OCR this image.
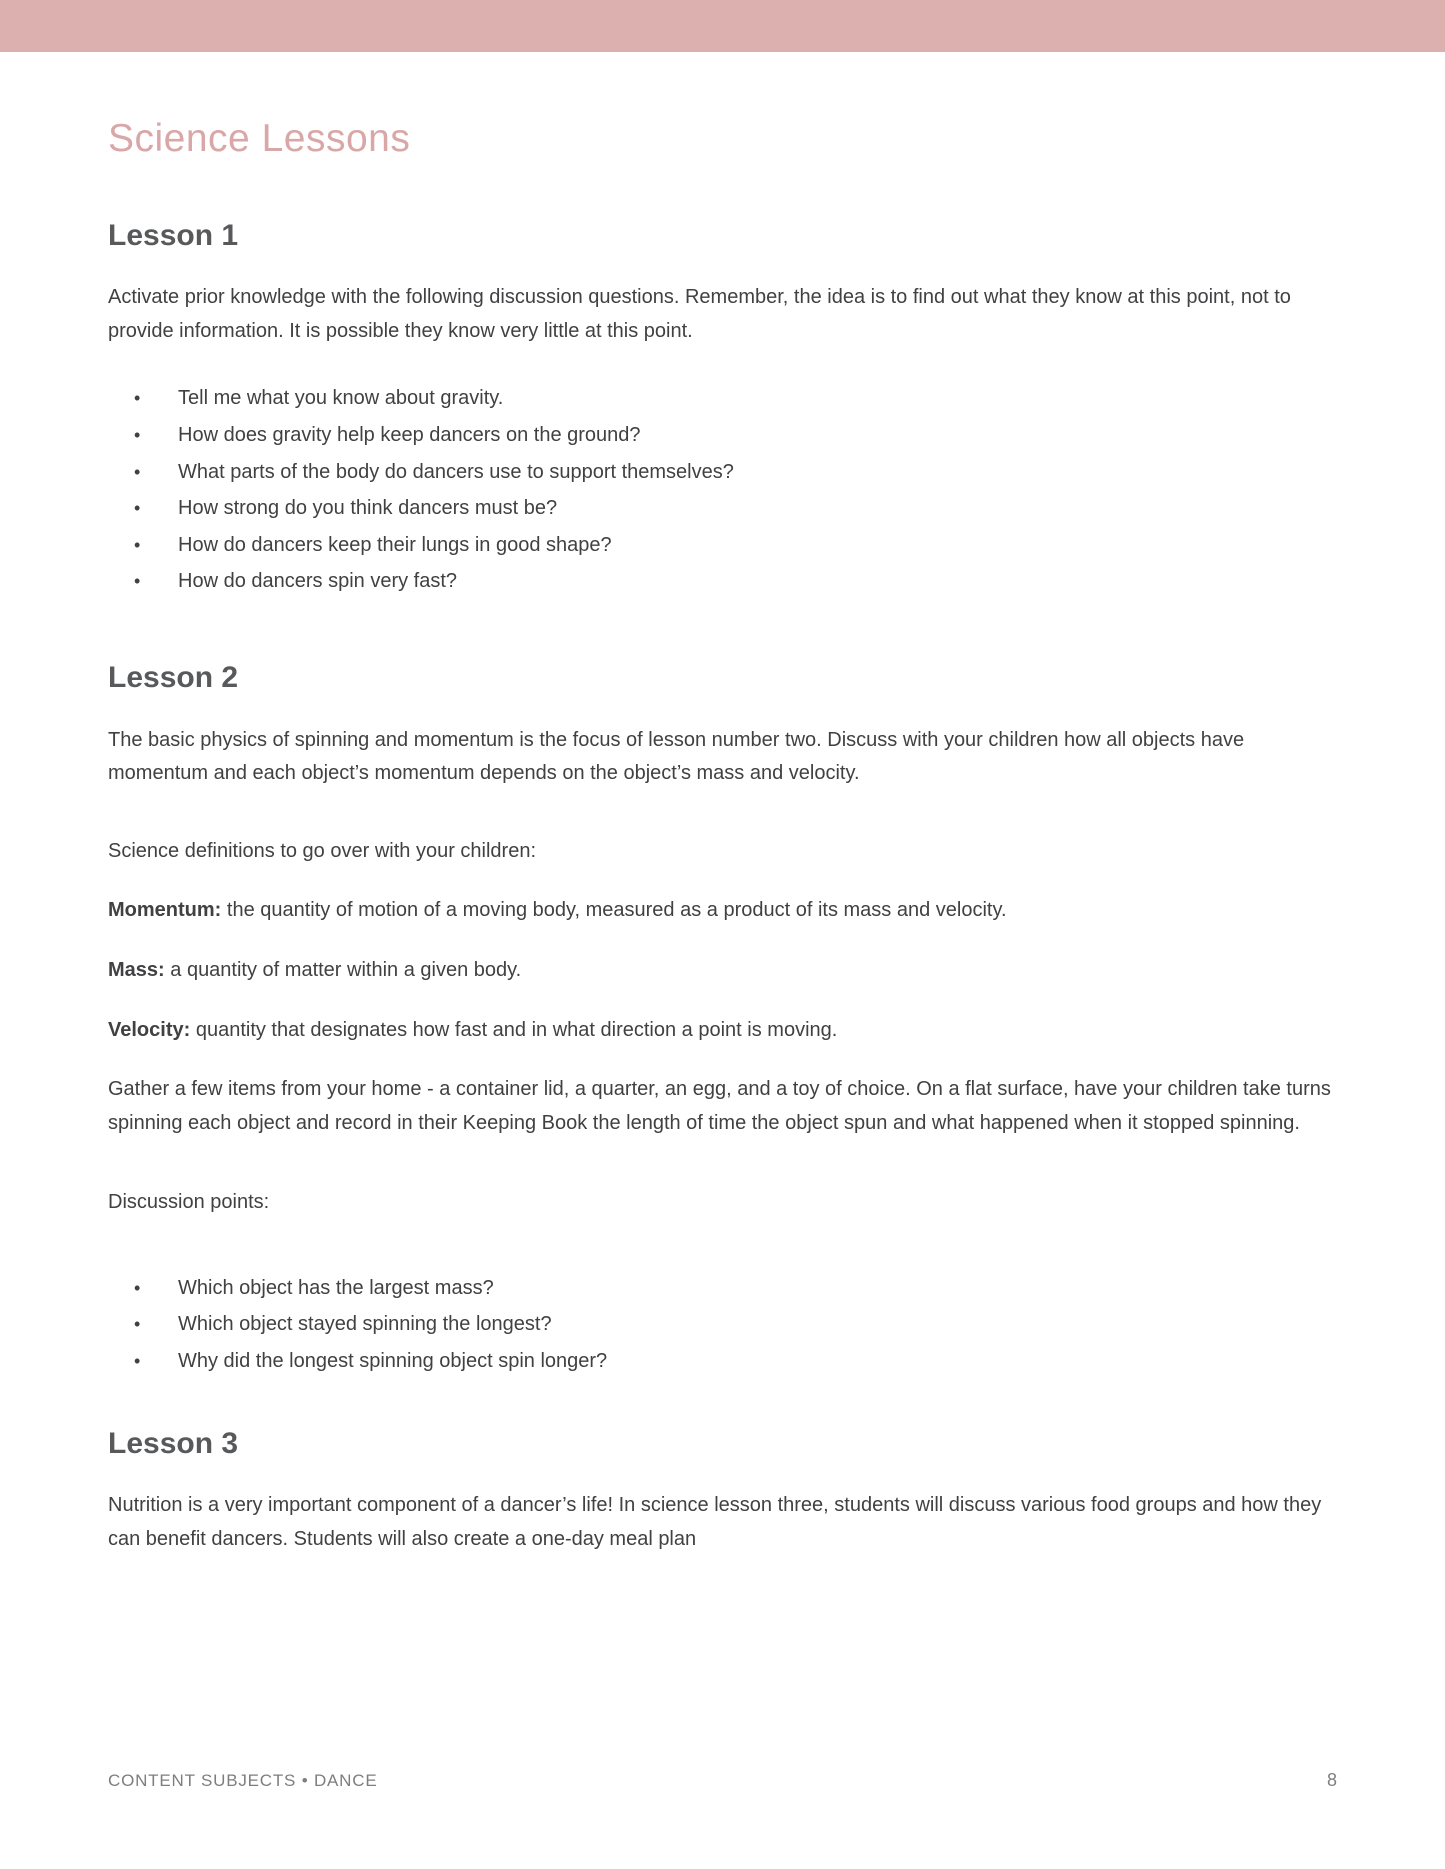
Science Lessons
Lesson 1

Activate prior knowledge with the following discussion questions. Remember, the idea is to find out what they know at this point, not to provide information. It is possible they know very little at this point.

• Tell me what you know about gravity.
• How does gravity help keep dancers on the ground?
• What parts of the body do dancers use to support themselves?
• How strong do you think dancers must be?
• How do dancers keep their lungs in good shape?
• How do dancers spin very fast?
Lesson 2

The basic physics of spinning and momentum is the focus of lesson number two. Discuss with your children how all objects have momentum and each object’s momentum depends on the object’s mass and velocity.

Science definitions to go over with your children:

Momentum: the quantity of motion of a moving body, measured as a product of its mass and velocity.

Mass: a quantity of matter within a given body.

Velocity: quantity that designates how fast and in what direction a point is moving.

Gather a few items from your home - a container lid, a quarter, an egg, and a toy of choice. On a flat surface, have your children take turns spinning each object and record in their Keeping Book the length of time the object spun and what happened when it stopped spinning.

Discussion points:

• Which object has the largest mass?
• Which object stayed spinning the longest?
• Why did the longest spinning object spin longer?
Lesson 3

Nutrition is a very important component of a dancer’s life! In science lesson three, students will discuss various food groups and how they can benefit dancers. Students will also create a one-day meal plan

CONTENT SUBJECTS • DANCE	8
